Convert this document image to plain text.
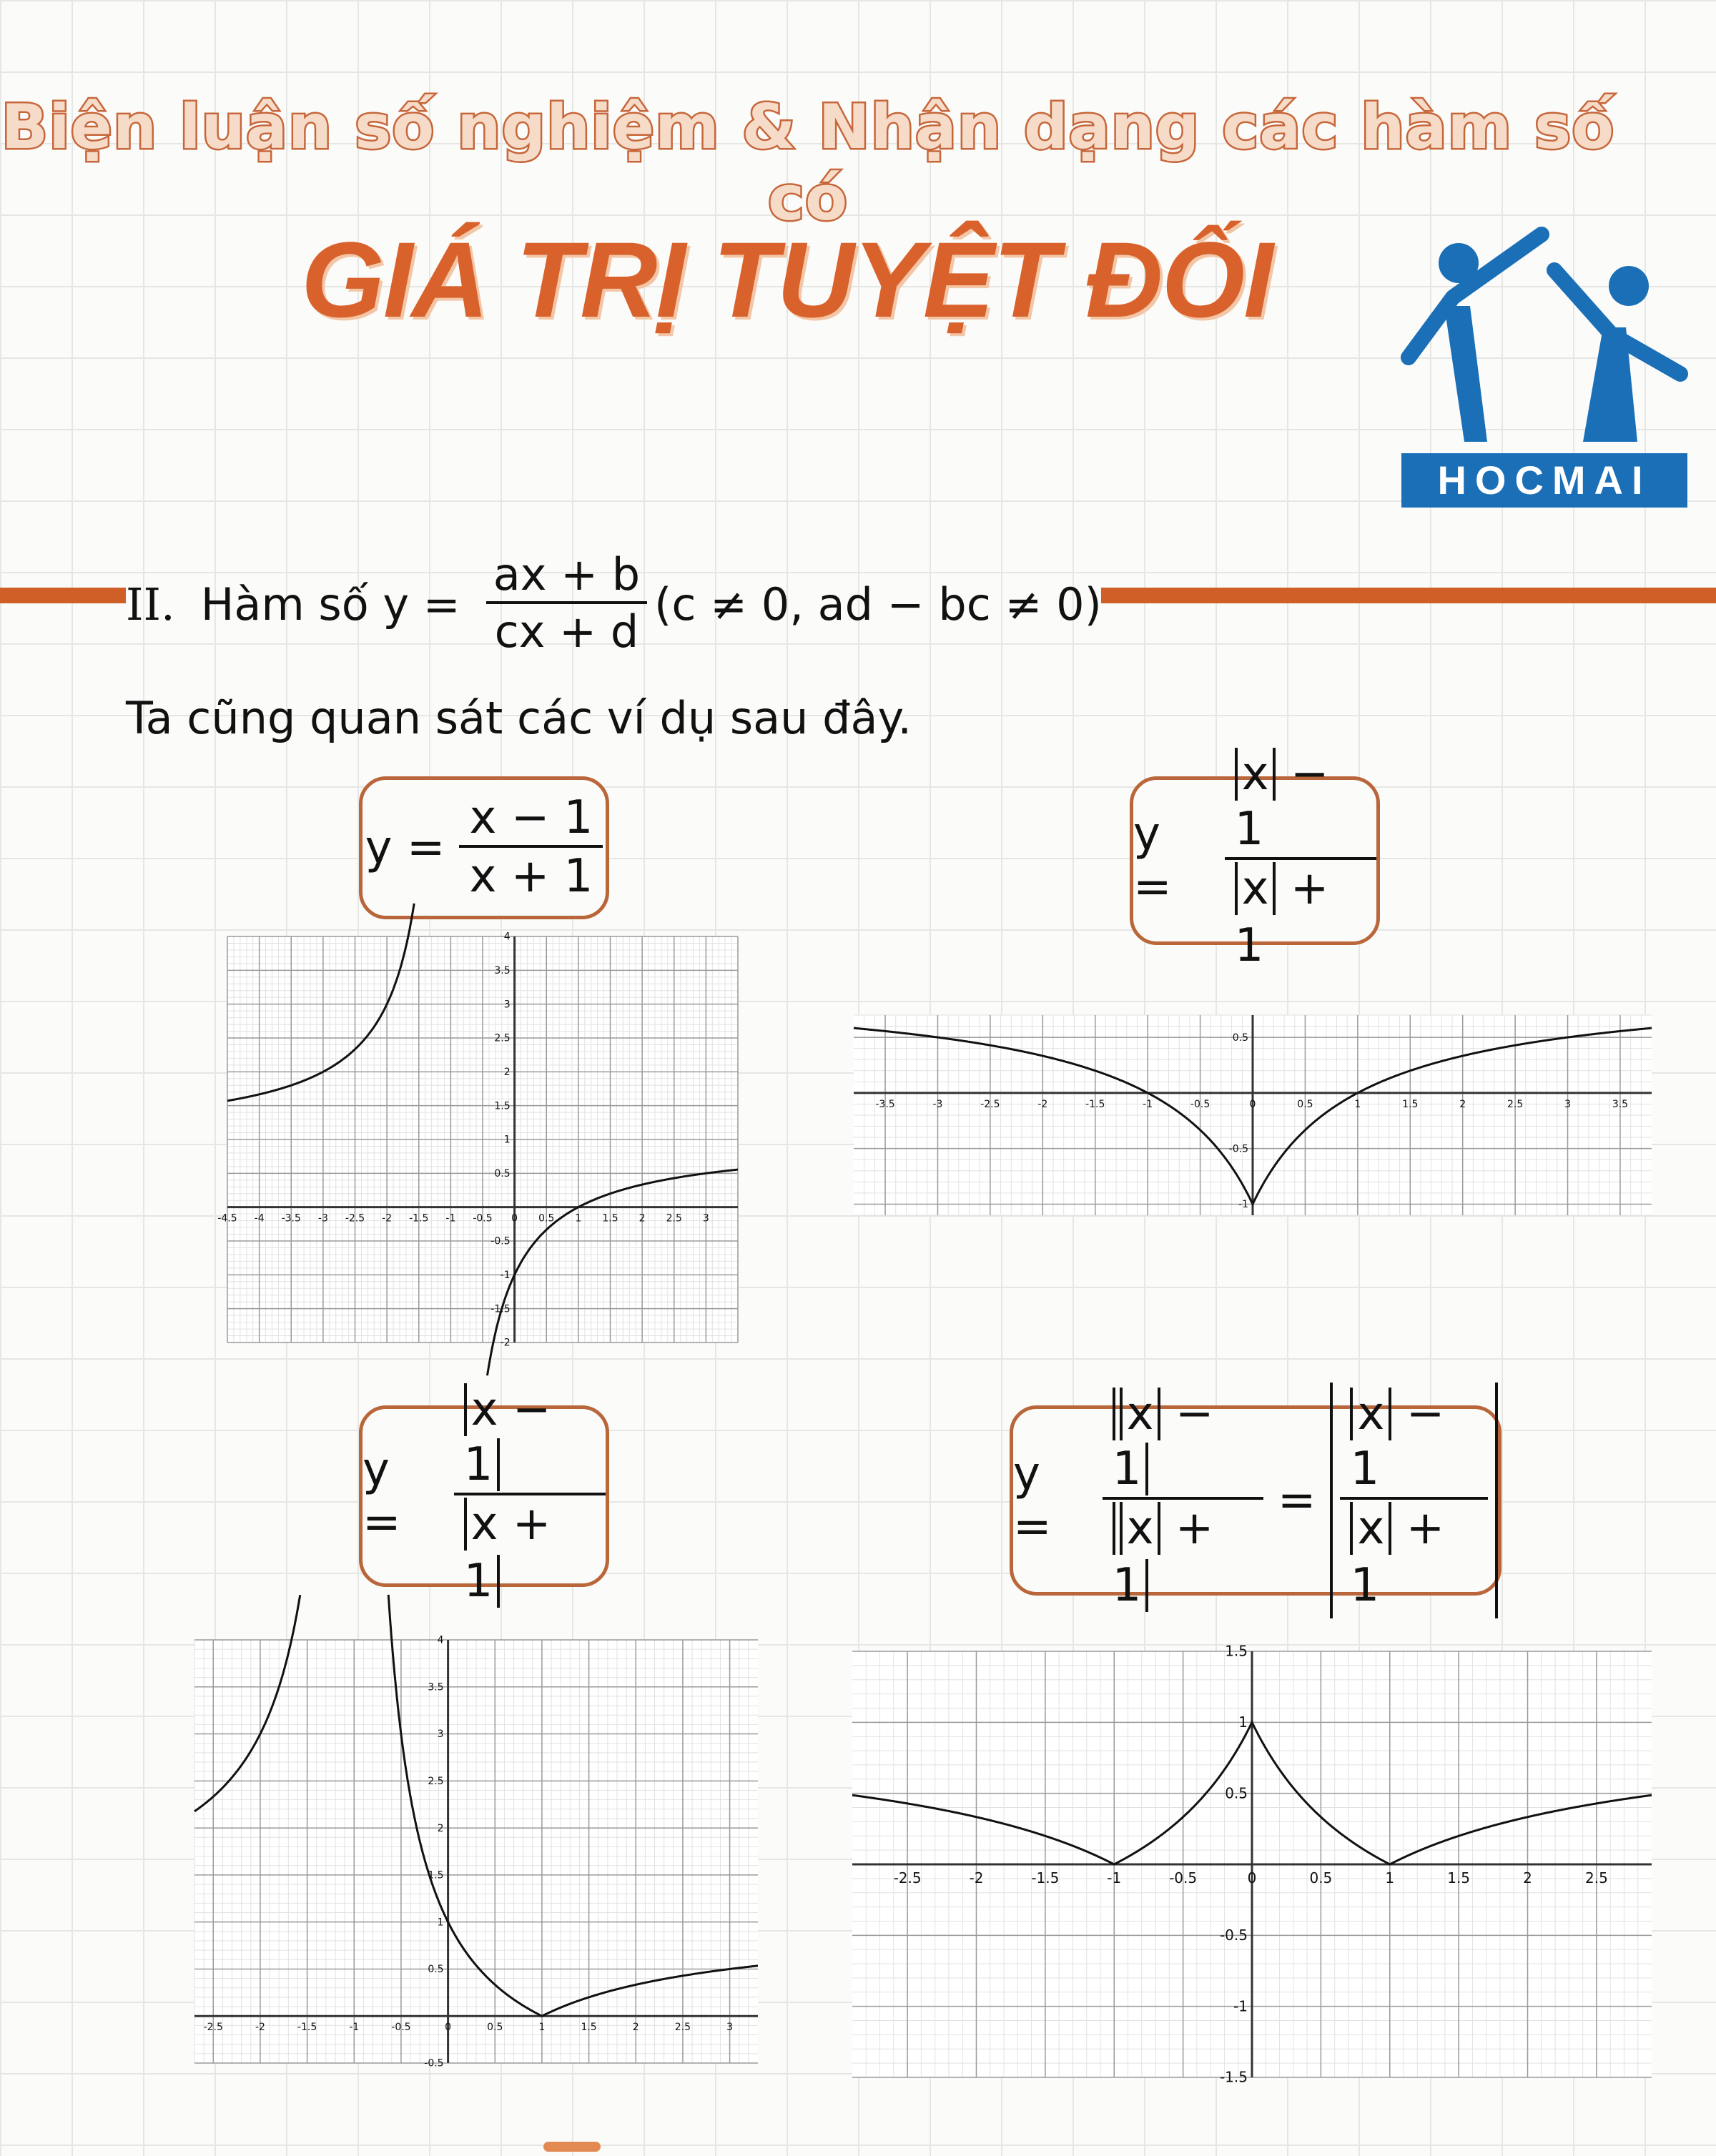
Biện luận số nghiệm & Nhận dạng các hàm số có
GIÁ TRỊ TUYỆT ĐỐI
HOCMAI
II. Hàm số $y = \frac{ax + b}{cx + d} (c \ne 0$, ad − bc ≠ 0)
Ta cũng quan sát các ví dụ sau đây.
$y = \frac{x - 1}{x + 1}$	y =	$\frac{x - 1}{x + 1}$
y =	$\frac{x - 1}{x + 1}$	y =	$\frac{x - 1}{x + 1} = \frac{x - 1}{x + 1}$
-4.5 -4 -3.5 -3 -2.5 -2 -1.5 -1 -0.5 0 0.5 1 1.5 2 2.5 3
4
3.5
3
2.5
2
1.5
1
0.5
-0.5
-1
-1.5
-2
-3.5	-3	-2.5	-2	-1.5	-1	-0.5	0	0.5	1	1.5	2	2.5	3	3.5
0.5
-0.5
-1
-2.5	-2	-1.5	-1	-0.5	0	0.5	1	1.5	2	2.5	3
4
3.5
3
2.5
2
1.5
1
0.5
-0.5
-2.5	-2	-1.5	-1	-0.5	0	0.5	1	1.5	2	2.5
1.5
1
0.5
-0.5
-1
-1.5
